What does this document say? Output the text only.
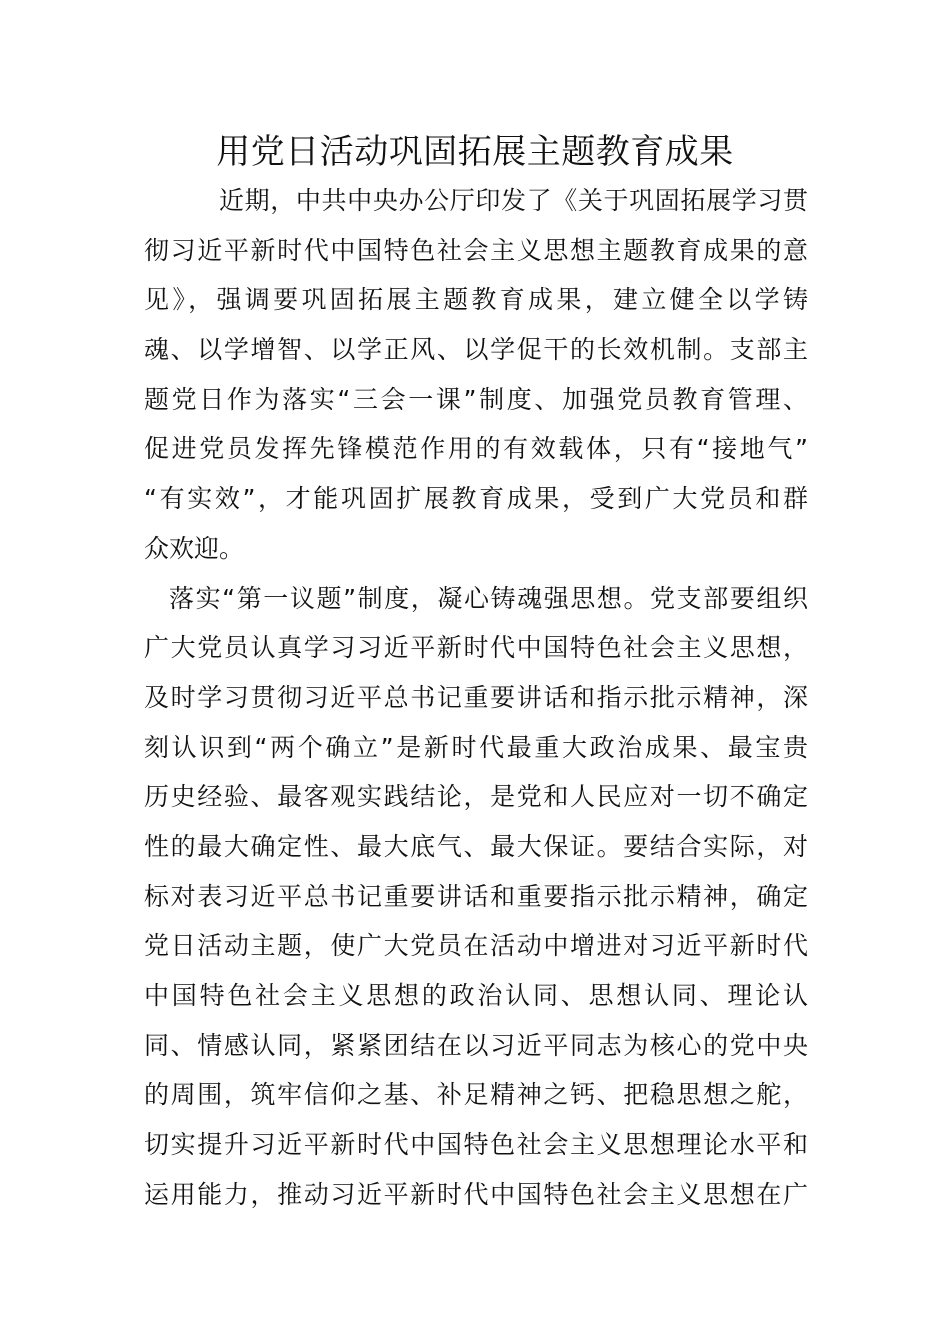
用党日活动巩固拓展主题教育成果
近期，中共中央办公厅印发了《关于巩固拓展学习贯
彻习近平新时代中国特色社会主义思想主题教育成果的意
见》，强调要巩固拓展主题教育成果，建立健全以学铸
魂、以学增智、以学正风、以学促干的长效机制。支部主
题党日作为落实“三会一课”制度、加强党员教育管理、
促进党员发挥先锋模范作用的有效载体，只有“接地气”
“有实效”，才能巩固扩展教育成果，受到广大党员和群
众欢迎。
落实“第一议题”制度，凝心铸魂强思想。党支部要组织
广大党员认真学习习近平新时代中国特色社会主义思想，
及时学习贯彻习近平总书记重要讲话和指示批示精神，深
刻认识到“两个确立”是新时代最重大政治成果、最宝贵
历史经验、最客观实践结论，是党和人民应对一切不确定
性的最大确定性、最大底气、最大保证。要结合实际，对
标对表习近平总书记重要讲话和重要指示批示精神，确定
党日活动主题，使广大党员在活动中增进对习近平新时代
中国特色社会主义思想的政治认同、思想认同、理论认
同、情感认同，紧紧团结在以习近平同志为核心的党中央
的周围，筑牢信仰之基、补足精神之钙、把稳思想之舵，
切实提升习近平新时代中国特色社会主义思想理论水平和
运用能力，推动习近平新时代中国特色社会主义思想在广
